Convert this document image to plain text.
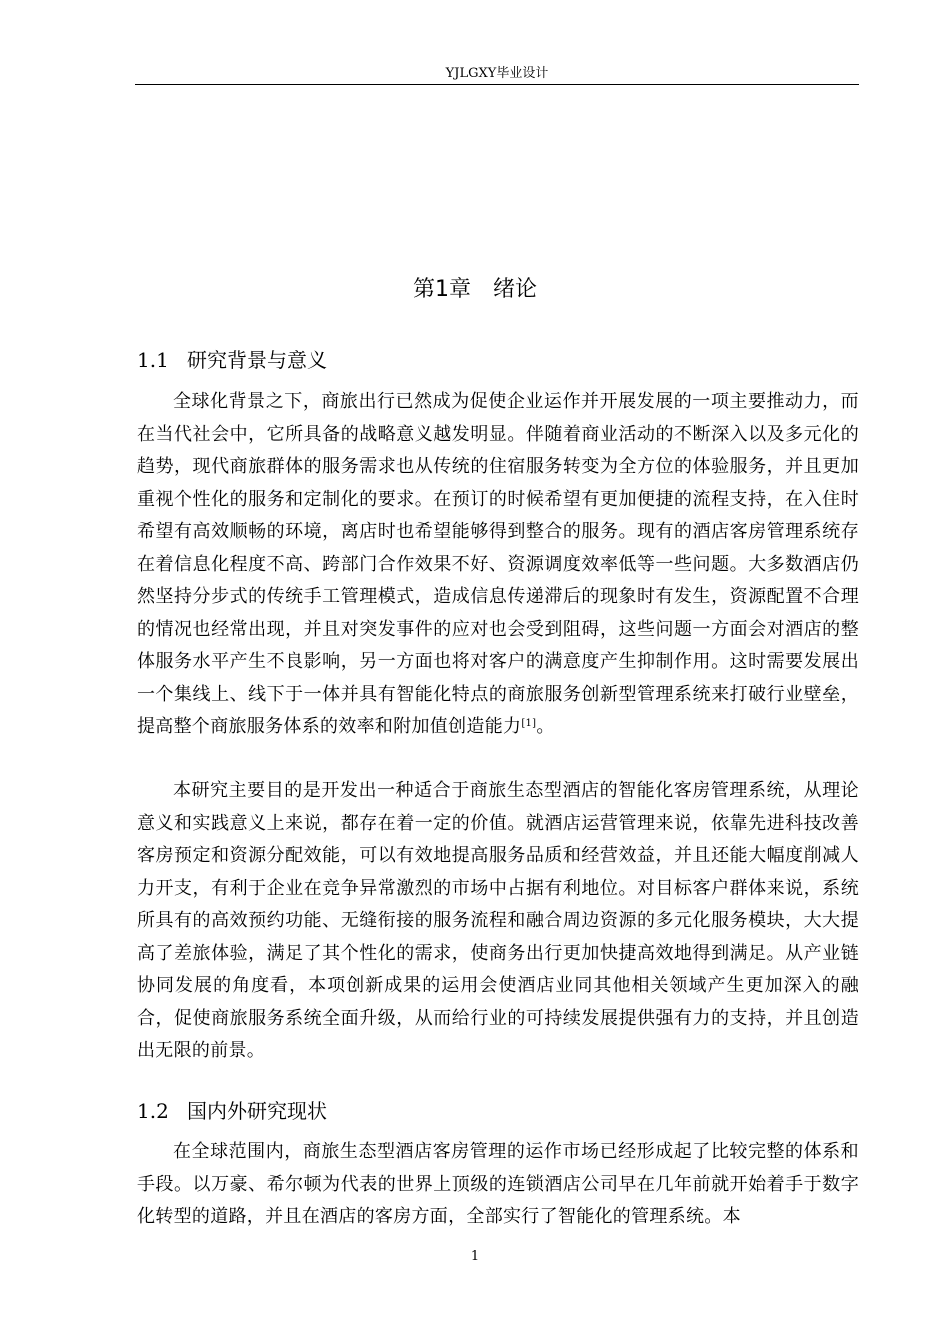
YJLGXY毕业设计
第1章 绪论
1.1 研究背景与意义

全球化背景之下，商旅出行已然成为促使企业运作并开展发展的一项主要推动力，而在当代社会中，它所具备的战略意义越发明显。伴随着商业活动的不断深入以及多元化的趋势，现代商旅群体的服务需求也从传统的住宿服务转变为全方位的体验服务，并且更加重视个性化的服务和定制化的要求。在预订的时候希望有更加便捷的流程支持，在入住时希望有高效顺畅的环境，离店时也希望能够得到整合的服务。现有的酒店客房管理系统存在着信息化程度不高、跨部门合作效果不好、资源调度效率低等一些问题。大多数酒店仍然坚持分步式的传统手工管理模式，造成信息传递滞后的现象时有发生，资源配置不合理的情况也经常出现，并且对突发事件的应对也会受到阻碍，这些问题一方面会对酒店的整体服务水平产生不良影响，另一方面也将对客户的满意度产生抑制作用。这时需要发展出一个集线上、线下于一体并具有智能化特点的商旅服务创新型管理系统来打破行业壁垒，提高整个商旅服务体系的效率和附加值创造能力[1]。

本研究主要目的是开发出一种适合于商旅生态型酒店的智能化客房管理系统，从理论意义和实践意义上来说，都存在着一定的价值。就酒店运营管理来说，依靠先进科技改善客房预定和资源分配效能，可以有效地提高服务品质和经营效益，并且还能大幅度削减人力开支，有利于企业在竞争异常激烈的市场中占据有利地位。对目标客户群体来说，系统所具有的高效预约功能、无缝衔接的服务流程和融合周边资源的多元化服务模块，大大提高了差旅体验，满足了其个性化的需求，使商务出行更加快捷高效地得到满足。从产业链协同发展的角度看，本项创新成果的运用会使酒店业同其他相关领域产生更加深入的融合，促使商旅服务系统全面升级，从而给行业的可持续发展提供强有力的支持，并且创造出无限的前景。

1.2 国内外研究现状

在全球范围内，商旅生态型酒店客房管理的运作市场已经形成起了比较完整的体系和手段。以万豪、希尔顿为代表的世界上顶级的连锁酒店公司早在几年前就开始着手于数字化转型的道路，并且在酒店的客房方面，全部实行了智能化的管理系统。本

1
